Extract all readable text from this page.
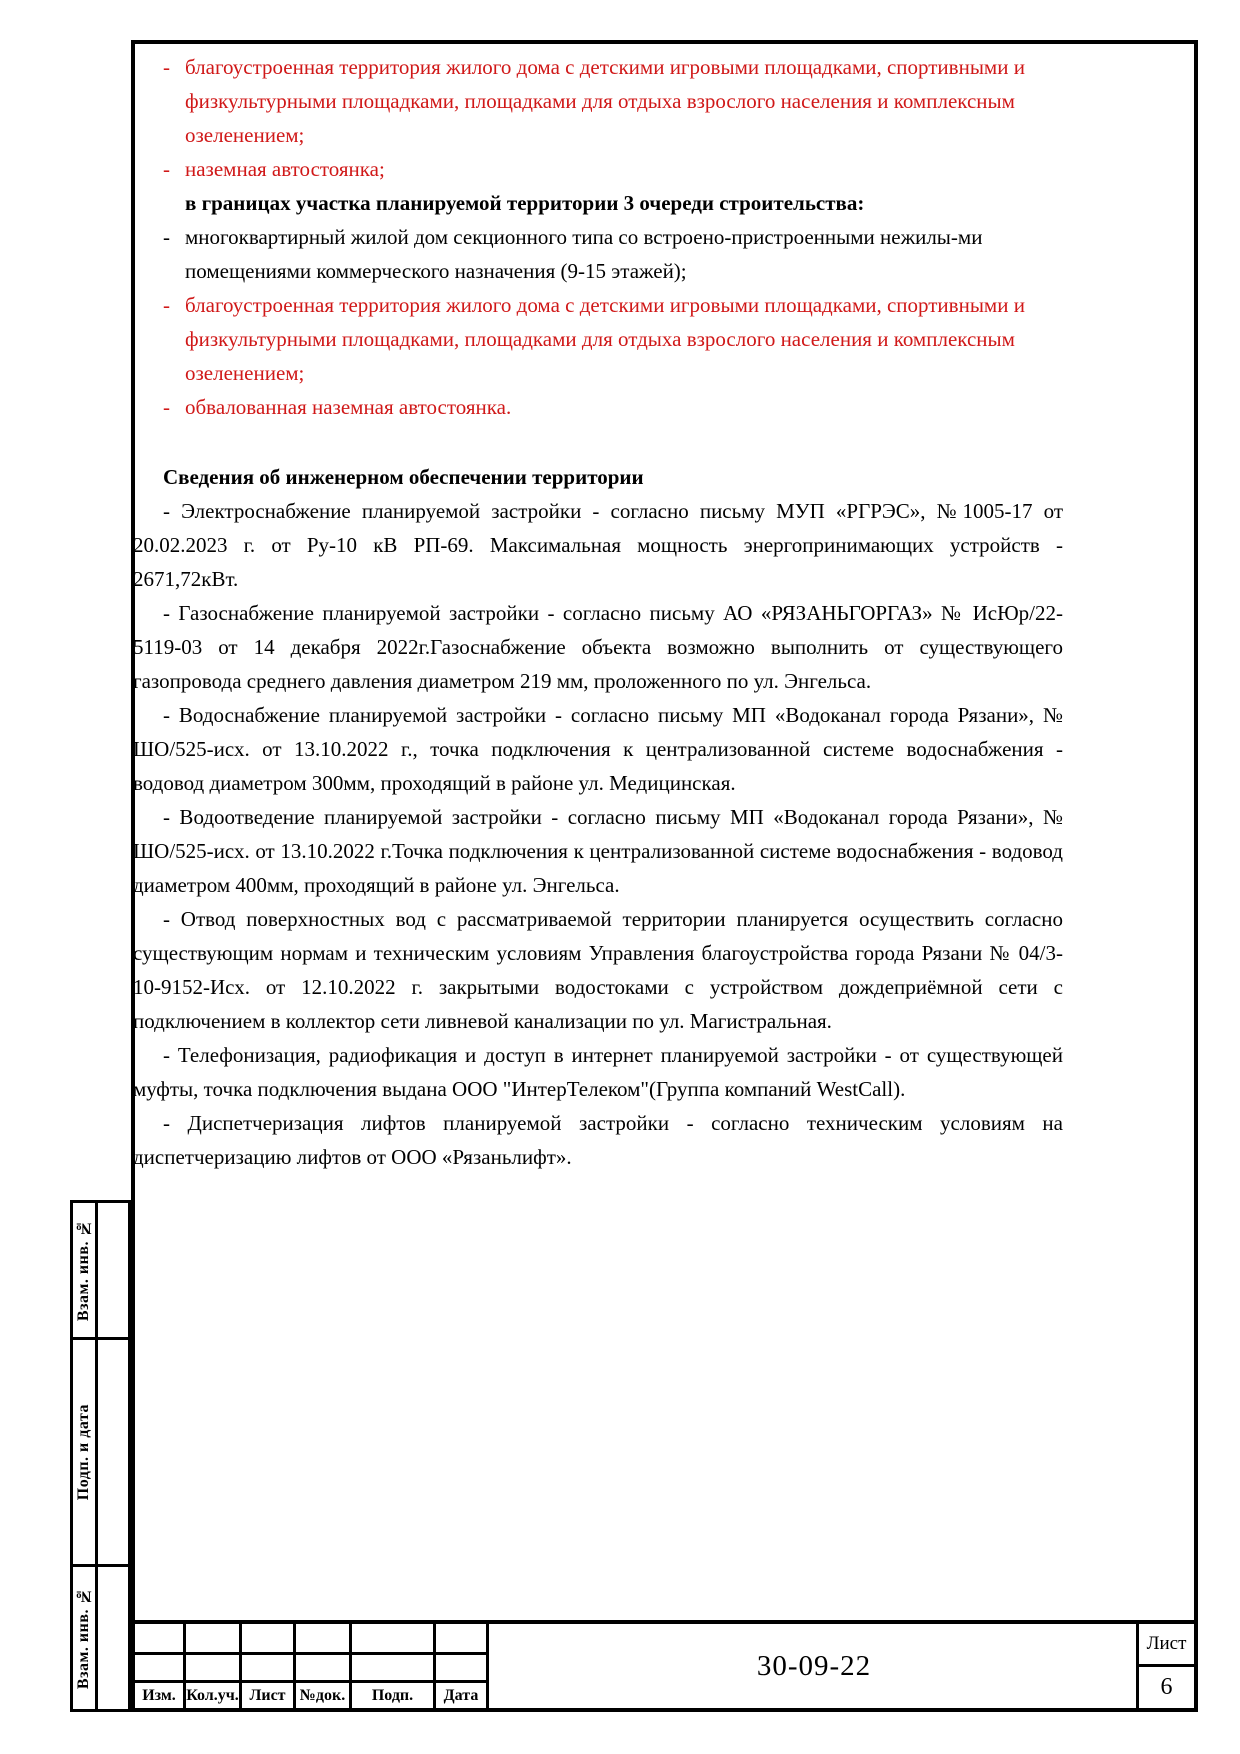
- благоустроенная территория жилого дома с детскими игровыми площадками, спортивными и физкультурными площадками, площадками для отдыха взрослого населения и комплексным озеленением;
- наземная автостоянка;
в границах участка планируемой территории 3 очереди строительства:
- многоквартирный жилой дом секционного типа со встроено-пристроенными нежилы-ми помещениями коммерческого назначения (9-15 этажей);
- благоустроенная территория жилого дома с детскими игровыми площадками, спортивными и физкультурными площадками, площадками для отдыха взрослого населения и комплексным озеленением;
- обвалованная наземная автостоянка.
Сведения об инженерном обеспечении территории

- Электроснабжение планируемой застройки - согласно письму МУП «РГРЭС», №1005-17 от 20.02.2023 г. от Ру-10 кВ РП-69. Максимальная мощность энергопринимающих устройств - 2671,72кВт.

- Газоснабжение планируемой застройки - согласно письму АО «РЯЗАНЬГОРГАЗ» № ИсЮр/22-5119-03 от 14 декабря 2022г.Газоснабжение объекта возможно выполнить от существующего газопровода среднего давления диаметром 219 мм, проложенного по ул. Энгельса.

- Водоснабжение планируемой застройки - согласно письму МП «Водоканал города Рязани», № ШО/525-исх. от 13.10.2022 г., точка подключения к централизованной системе водоснабжения - водовод диаметром 300мм, проходящий в районе ул. Медицинская.

- Водоотведение планируемой застройки - согласно письму МП «Водоканал города Рязани», № ШО/525-исх. от 13.10.2022 г.Точка подключения к централизованной системе водоснабжения - водовод диаметром 400мм, проходящий в районе ул. Энгельса.

- Отвод поверхностных вод с рассматриваемой территории планируется осуществить согласно существующим нормам и техническим условиям Управления благоустройства города Рязани № 04/3-10-9152-Исх. от 12.10.2022 г. закрытыми водостоками с устройством дождеприёмной сети с подключением в коллектор сети ливневой канализации по ул. Магистральная.

- Телефонизация, радиофикация и доступ в интернет планируемой застройки - от существующей муфты, точка подключения выдана ООО "ИнтерТелеком"(Группа компаний WestCall).

- Диспетчеризация лифтов планируемой застройки - согласно техническим условиям на диспетчеризацию лифтов от ООО «Рязаньлифт».

Взам. инв. №
Подп. и дата
Взам. инв. №
Изм. Кол.уч. Лист №док.	Подп.	Дата
30-09-22
Лист
6
